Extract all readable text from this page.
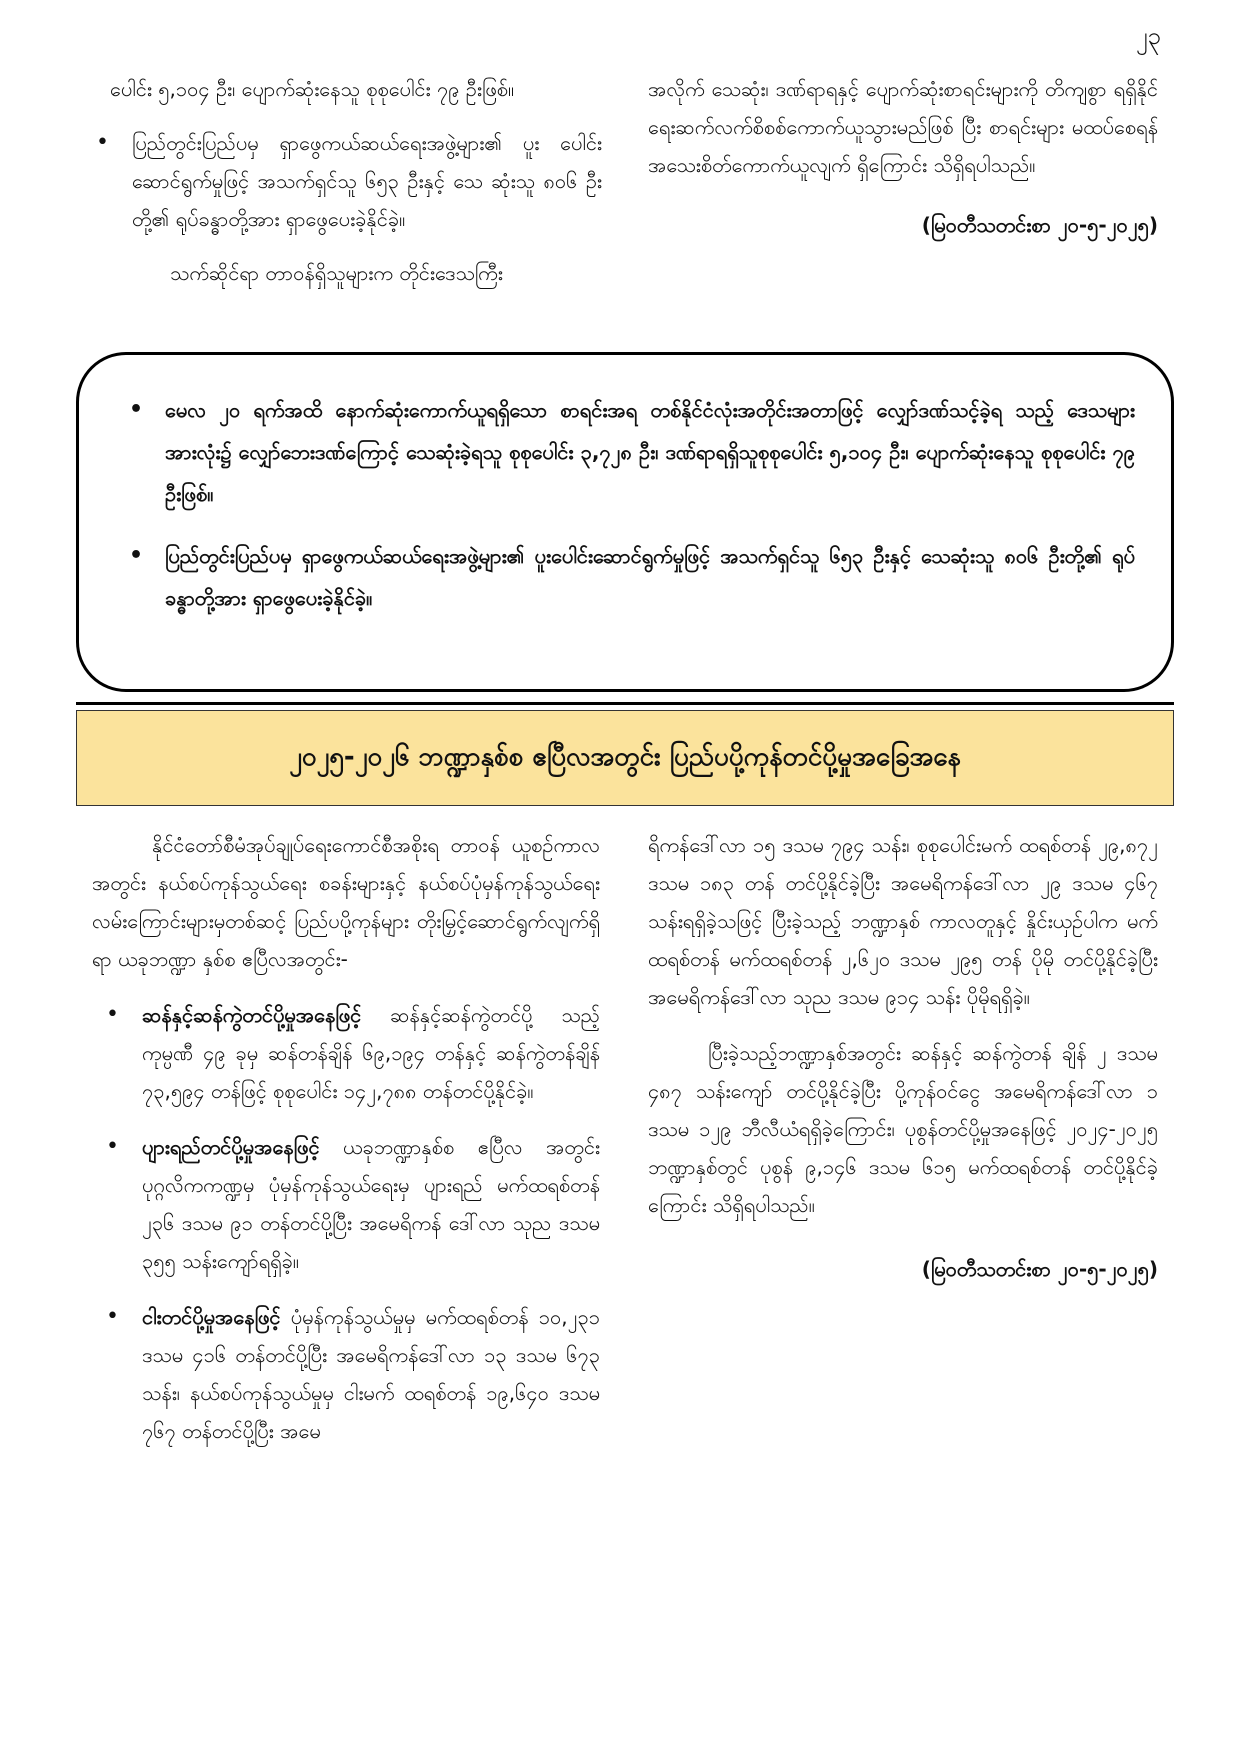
၂၃

ပေါင်း ၅,၁၀၄ ဦး၊ ပျောက်ဆုံးနေသူ စုစုပေါင်း ၇၉ ဦးဖြစ်။

• ပြည်တွင်းပြည်ပမှ ရှာဖွေကယ်ဆယ်ရေးအဖွဲ့များ၏ ပူး ပေါင်းဆောင်ရွက်မှုဖြင့် အသက်ရှင်သူ ၆၅၃ ဦးနှင့် သေ ဆုံးသူ ၈၀၆ ဦးတို့၏ ရုပ်ခန္ဓာတို့အား ရှာဖွေပေးခဲ့နိုင်ခဲ့။

သက်ဆိုင်ရာ တာဝန်ရှိသူများက တိုင်းဒေသကြီး

အလိုက် သေဆုံး၊ ဒဏ်ရာရနှင့် ပျောက်ဆုံးစာရင်းများကို တိကျစွာ ရရှိနိုင်ရေးဆက်လက်စိစစ်ကောက်ယူသွားမည်ဖြစ် ပြီး စာရင်းများ မထပ်စေရန် အသေးစိတ်ကောက်ယူလျက် ရှိကြောင်း သိရှိရပါသည်။

(မြဝတီသတင်းစာ ၂၀-၅-၂၀၂၅)

• မေလ ၂၀ ရက်အထိ နောက်ဆုံးကောက်ယူရရှိသော စာရင်းအရ တစ်နိုင်ငံလုံးအတိုင်းအတာဖြင့် လျှော်ဒဏ်သင့်ခဲ့ရ သည့် ဒေသများအားလုံး၌ လျှော်ဘေးဒဏ်ကြောင့် သေဆုံးခဲ့ရသူ စုစုပေါင်း ၃,၇၂၈ ဦး၊ ဒဏ်ရာရရှိသူစုစုပေါင်း ၅,၁၀၄ ဦး၊ ပျောက်ဆုံးနေသူ စုစုပေါင်း ၇၉ ဦးဖြစ်။

• ပြည်တွင်းပြည်ပမှ ရှာဖွေကယ်ဆယ်ရေးအဖွဲ့များ၏ ပူးပေါင်းဆောင်ရွက်မှုဖြင့် အသက်ရှင်သူ ၆၅၃ ဦးနှင့် သေဆုံးသူ ၈၀၆ ဦးတို့၏ ရုပ်ခန္ဓာတို့အား ရှာဖွေပေးခဲ့နိုင်ခဲ့။

၂၀၂၅-၂၀၂၆ ဘဏ္ဍာနှစ်စ ဧပြီလအတွင်း ပြည်ပပို့ကုန်တင်ပို့မှုအခြေအနေ

နိုင်ငံတော်စီမံအုပ်ချုပ်ရေးကောင်စီအစိုးရ တာဝန် ယူစဉ်ကာလအတွင်း နယ်စပ်ကုန်သွယ်ရေး စခန်းများနှင့် နယ်စပ်ပုံမှန်ကုန်သွယ်ရေး လမ်းကြောင်းများမှတစ်ဆင့် ပြည်ပပို့ကုန်များ တိုးမြှင့်ဆောင်ရွက်လျက်ရှိရာ ယခုဘဏ္ဍာ နှစ်စ ဧပြီလအတွင်း-

• ဆန်နှင့်ဆန်ကွဲတင်ပို့မှုအနေဖြင့် ဆန်နှင့်ဆန်ကွဲတင်ပို့ သည့် ကုမ္ပဏီ ၄၉ ခုမှ ဆန်တန်ချိန် ၆၉,၁၉၄ တန်နှင့် ဆန်ကွဲတန်ချိန် ၇၃,၅၉၄ တန်ဖြင့် စုစုပေါင်း ၁၄၂,၇၈၈ တန်တင်ပို့နိုင်ခဲ့။

• ပျားရည်တင်ပို့မှုအနေဖြင့် ယခုဘဏ္ဍာနှစ်စ ဧပြီလ အတွင်း ပုဂ္ဂလိကကဏ္ဍမှ ပုံမှန်ကုန်သွယ်ရေးမှ ပျားရည် မက်ထရစ်တန် ၂၃၆ ဒသမ ၉၁ တန်တင်ပို့ပြီး အမေရိကန် ဒေါ်လာ သုည ဒသမ ၃၅၅ သန်းကျော်ရရှိခဲ့။

• ငါးတင်ပို့မှုအနေဖြင့် ပုံမှန်ကုန်သွယ်မှုမှ မက်ထရစ်တန် ၁၀,၂၃၁ ဒသမ ၄၁၆ တန်တင်ပို့ပြီး အမေရိကန်ဒေါ်လာ ၁၃ ဒသမ ၆၇၃ သန်း၊ နယ်စပ်ကုန်သွယ်မှုမှ ငါးမက် ထရစ်တန် ၁၉,၆၄၀ ဒသမ ၇၆၇ တန်တင်ပို့ပြီး အမေ

ရိကန်ဒေါ်လာ ၁၅ ဒသမ ၇၉၄ သန်း၊ စုစုပေါင်းမက် ထရစ်တန် ၂၉,၈၇၂ ဒသမ ၁၈၃ တန် တင်ပို့နိုင်ခဲ့ပြီး အမေရိကန်ဒေါ်လာ ၂၉ ဒသမ ၄၆၇ သန်းရရှိခဲ့သဖြင့် ပြီးခဲ့သည့် ဘဏ္ဍာနှစ် ကာလတူနှင့် နှိုင်းယှဉ်ပါက မက် ထရစ်တန် မက်ထရစ်တန် ၂,၆၂၀ ဒသမ ၂၉၅ တန် ပိုမို တင်ပို့နိုင်ခဲ့ပြီး အမေရိကန်ဒေါ်လာ သုည ဒသမ ၉၁၄ သန်း ပိုမိုရရှိခဲ့။

ပြီးခဲ့သည့်ဘဏ္ဍာနှစ်အတွင်း ဆန်နှင့် ဆန်ကွဲတန် ချိန် ၂ ဒသမ ၄၈၇ သန်းကျော် တင်ပို့နိုင်ခဲ့ပြီး ပို့ကုန်ဝင်ငွေ အမေရိကန်ဒေါ်လာ ၁ ဒသမ ၁၂၉ ဘီလီယံရရှိခဲ့ကြောင်း၊ ပုစွန်တင်ပို့မှုအနေဖြင့် ၂၀၂၄-၂၀၂၅ ဘဏ္ဍာနှစ်တွင် ပုစွန် ၉,၁၄၆ ဒသမ ၆၁၅ မက်ထရစ်တန် တင်ပို့နိုင်ခဲ့ကြောင်း သိရှိရပါသည်။

(မြဝတီသတင်းစာ ၂၀-၅-၂၀၂၅)
